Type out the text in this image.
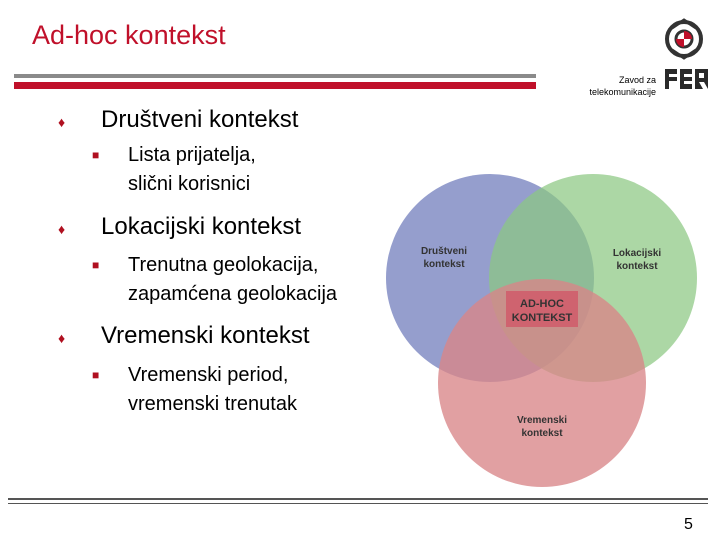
Ad-hoc kontekst
Zavod za
telekomunikacije
♦ Društveni kontekst
■ Lista prijatelja,
slični korisnici
♦ Lokacijski kontekst
■ Trenutna geolokacija,
zapamćena geolokacija
♦ Vremenski kontekst
■ Vremenski period,
vremenski trenutak
Društveni
kontekst
Lokacijski
kontekst
AD-HOC
KONTEKST
Vremenski
kontekst
5
